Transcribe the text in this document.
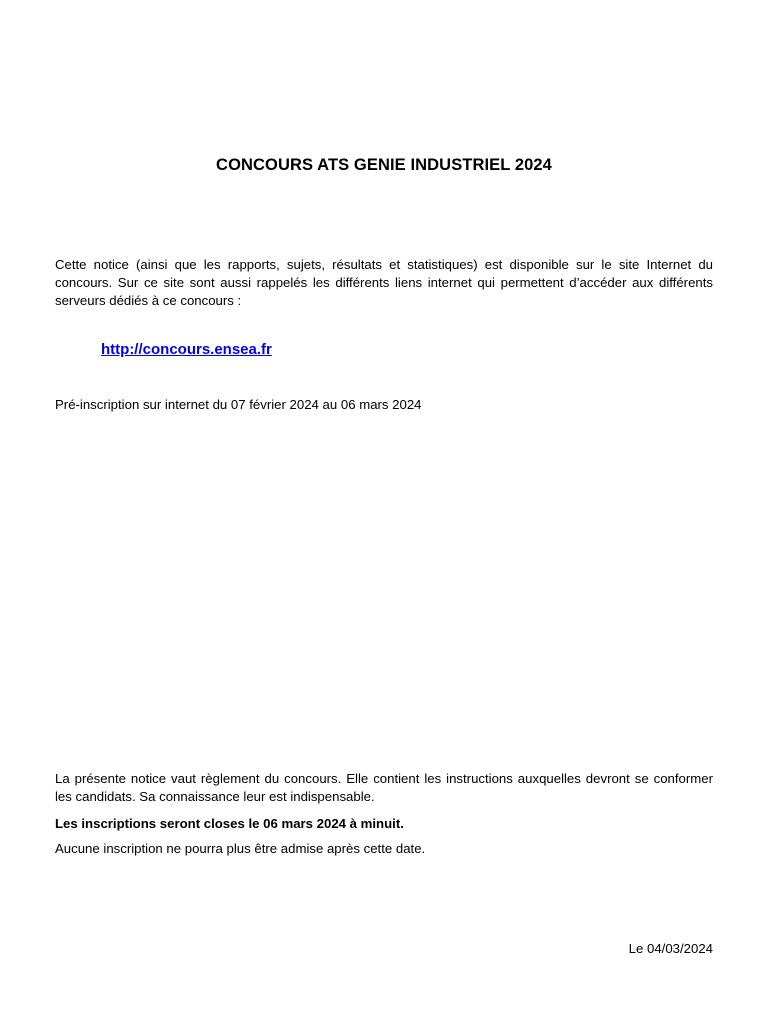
CONCOURS ATS GENIE INDUSTRIEL 2024
Cette notice (ainsi que les rapports, sujets, résultats et statistiques) est disponible sur le site Internet du concours. Sur ce site sont aussi rappelés les différents liens internet qui permettent d’accéder aux différents serveurs dédiés à ce concours :
http://concours.ensea.fr
Pré-inscription sur internet du 07 février 2024 au 06 mars 2024
La présente notice vaut règlement du concours. Elle contient les instructions auxquelles devront se conformer les candidats. Sa connaissance leur est indispensable.
Les inscriptions seront closes le 06 mars 2024 à minuit.
Aucune inscription ne pourra plus être admise après cette date.
Le 04/03/2024
